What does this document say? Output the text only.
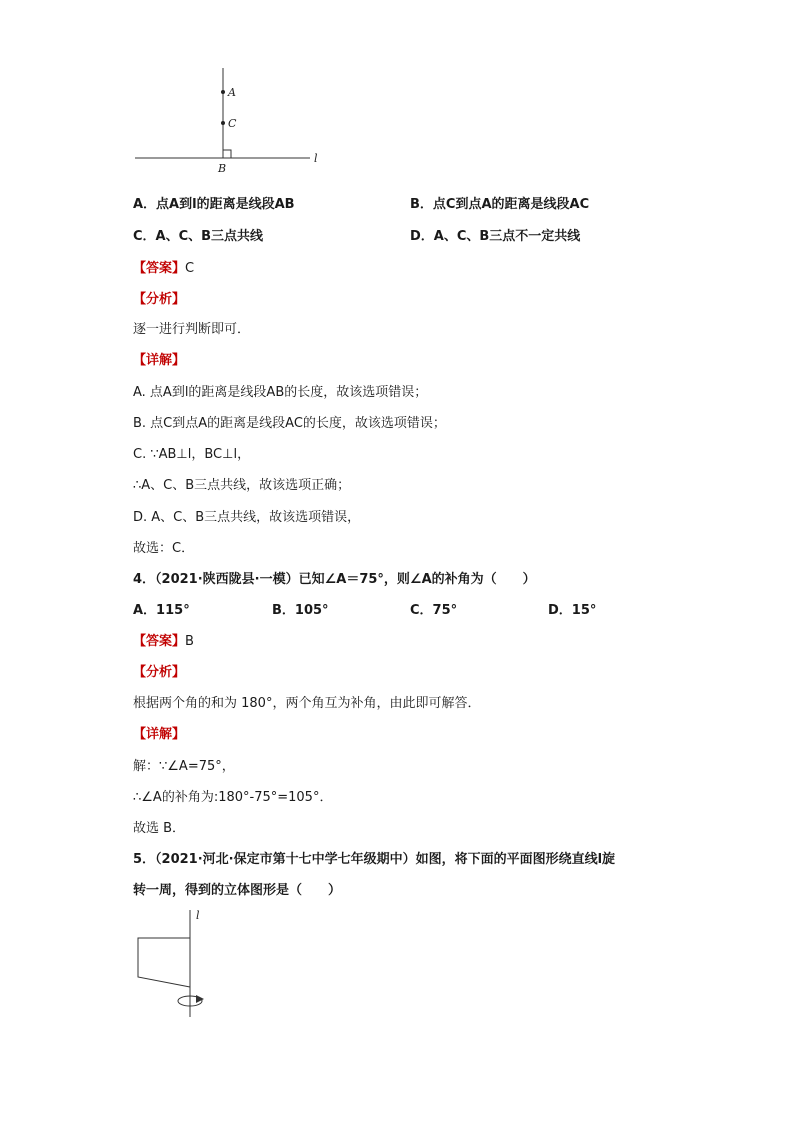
A
C
B
l
A．点A到l的距离是线段AB	B．点C到点A的距离是线段AC
C．A、C、B三点共线	D．A、C、B三点不一定共线
【答案】C
【分析】
逐一进行判断即可．
【详解】
A. 点A到l的距离是线段AB的长度，故该选项错误；
B. 点C到点A的距离是线段AC的长度，故该选项错误；
C. ∵AB⊥l，BC⊥l，
∴A、C、B三点共线，故该选项正确；
D. A、C、B三点共线，故该选项错误，
故选：C．
4．（2021·陕西陇县·一模）已知∠A＝75°，则∠A的补角为（　　）
A．115°	B．105°	C．75°	D．15°
【答案】B
【分析】
根据两个角的和为 180°，两个角互为补角，由此即可解答．
【详解】
解：∵∠A=75°，
∴∠A的补角为:180°-75°=105°．
故选 B．
5．（2021·河北·保定市第十七中学七年级期中）如图，将下面的平面图形绕直线l旋
转一周，得到的立体图形是（　　）
l
